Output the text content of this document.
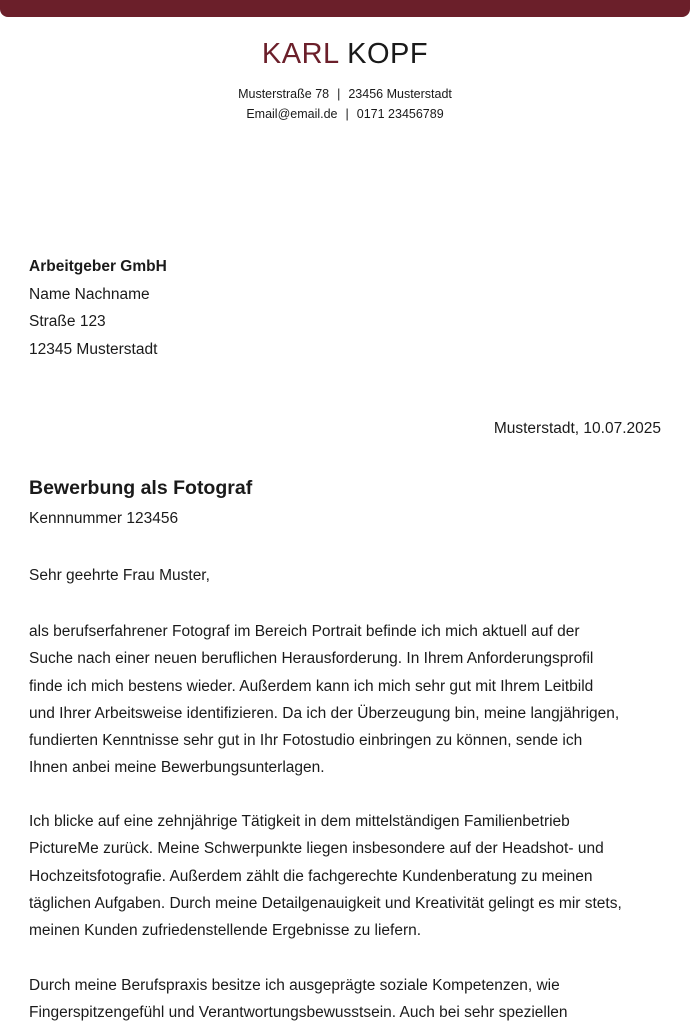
KARL KOPF
Musterstraße 78 | 23456 Musterstadt
Email@email.de | 0171 23456789
Arbeitgeber GmbH
Name Nachname
Straße 123
12345 Musterstadt
Musterstadt, 10.07.2025
Bewerbung als Fotograf
Kennnummer 123456
Sehr geehrte Frau Muster,

als berufserfahrener Fotograf im Bereich Portrait befinde ich mich aktuell auf der
Suche nach einer neuen beruflichen Herausforderung. In Ihrem Anforderungsprofil
finde ich mich bestens wieder. Außerdem kann ich mich sehr gut mit Ihrem Leitbild
und Ihrer Arbeitsweise identifizieren. Da ich der Überzeugung bin, meine langjährigen,
fundierten Kenntnisse sehr gut in Ihr Fotostudio einbringen zu können, sende ich
Ihnen anbei meine Bewerbungsunterlagen.

Ich blicke auf eine zehnjährige Tätigkeit in dem mittelständigen Familienbetrieb
PictureMe zurück. Meine Schwerpunkte liegen insbesondere auf der Headshot- und
Hochzeitsfotografie. Außerdem zählt die fachgerechte Kundenberatung zu meinen
täglichen Aufgaben. Durch meine Detailgenauigkeit und Kreativität gelingt es mir stets,
meinen Kunden zufriedenstellende Ergebnisse zu liefern.

Durch meine Berufspraxis besitze ich ausgeprägte soziale Kompetenzen, wie
Fingerspitzengefühl und Verantwortungsbewusstsein. Auch bei sehr speziellen
